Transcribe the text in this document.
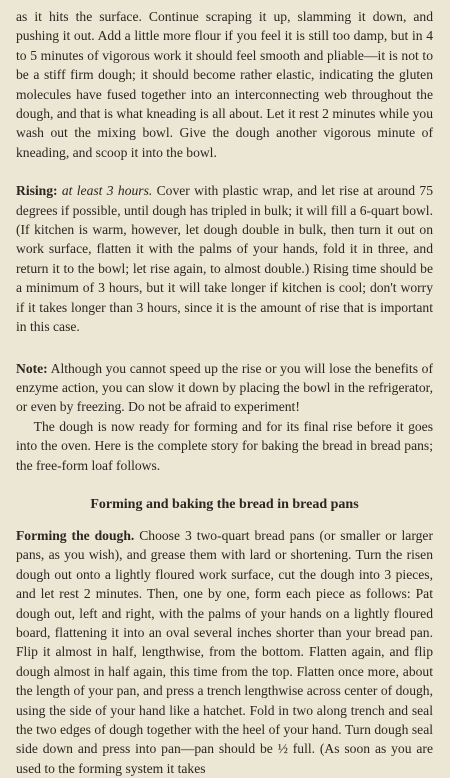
as it hits the surface. Continue scraping it up, slamming it down, and pushing it out. Add a little more flour if you feel it is still too damp, but in 4 to 5 minutes of vigorous work it should feel smooth and pliable—it is not to be a stiff firm dough; it should become rather elastic, indicating the gluten molecules have fused together into an interconnecting web throughout the dough, and that is what kneading is all about. Let it rest 2 minutes while you wash out the mixing bowl. Give the dough another vigorous minute of kneading, and scoop it into the bowl.

Rising: at least 3 hours. Cover with plastic wrap, and let rise at around 75 degrees if possible, until dough has tripled in bulk; it will fill a 6-quart bowl. (If kitchen is warm, however, let dough double in bulk, then turn it out on work surface, flatten it with the palms of your hands, fold it in three, and return it to the bowl; let rise again, to almost double.) Rising time should be a minimum of 3 hours, but it will take longer if kitchen is cool; don't worry if it takes longer than 3 hours, since it is the amount of rise that is important in this case.

Note: Although you cannot speed up the rise or you will lose the benefits of enzyme action, you can slow it down by placing the bowl in the refrigerator, or even by freezing. Do not be afraid to experiment!

The dough is now ready for forming and for its final rise before it goes into the oven. Here is the complete story for baking the bread in bread pans; the free-form loaf follows.

Forming and baking the bread in bread pans

Forming the dough. Choose 3 two-quart bread pans (or smaller or larger pans, as you wish), and grease them with lard or shortening. Turn the risen dough out onto a lightly floured work surface, cut the dough into 3 pieces, and let rest 2 minutes. Then, one by one, form each piece as follows: Pat dough out, left and right, with the palms of your hands on a lightly floured board, flattening it into an oval several inches shorter than your bread pan. Flip it almost in half, lengthwise, from the bottom. Flatten again, and flip dough almost in half again, this time from the top. Flatten once more, about the length of your pan, and press a trench lengthwise across center of dough, using the side of your hand like a hatchet. Fold in two along trench and seal the two edges of dough together with the heel of your hand. Turn dough seal side down and press into pan—pan should be ½ full. (As soon as you are used to the forming system it takes
